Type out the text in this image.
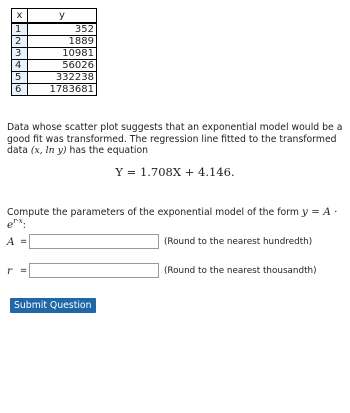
x	y
1	352
2	1889
3	10981
4	56026
5	332238
6	1783681
Data whose scatter plot suggests that an exponential model would be a good fit was transformed. The regression line fitted to the transformed data (x, ln y) has the equation
Y = 1.708X + 4.146.
Compute the parameters of the exponential model of the form $y = A \cdot e^{r\cdot x}$:
A =	(Round to the nearest hundredth)
r =	(Round to the nearest thousandth)
Submit Question
